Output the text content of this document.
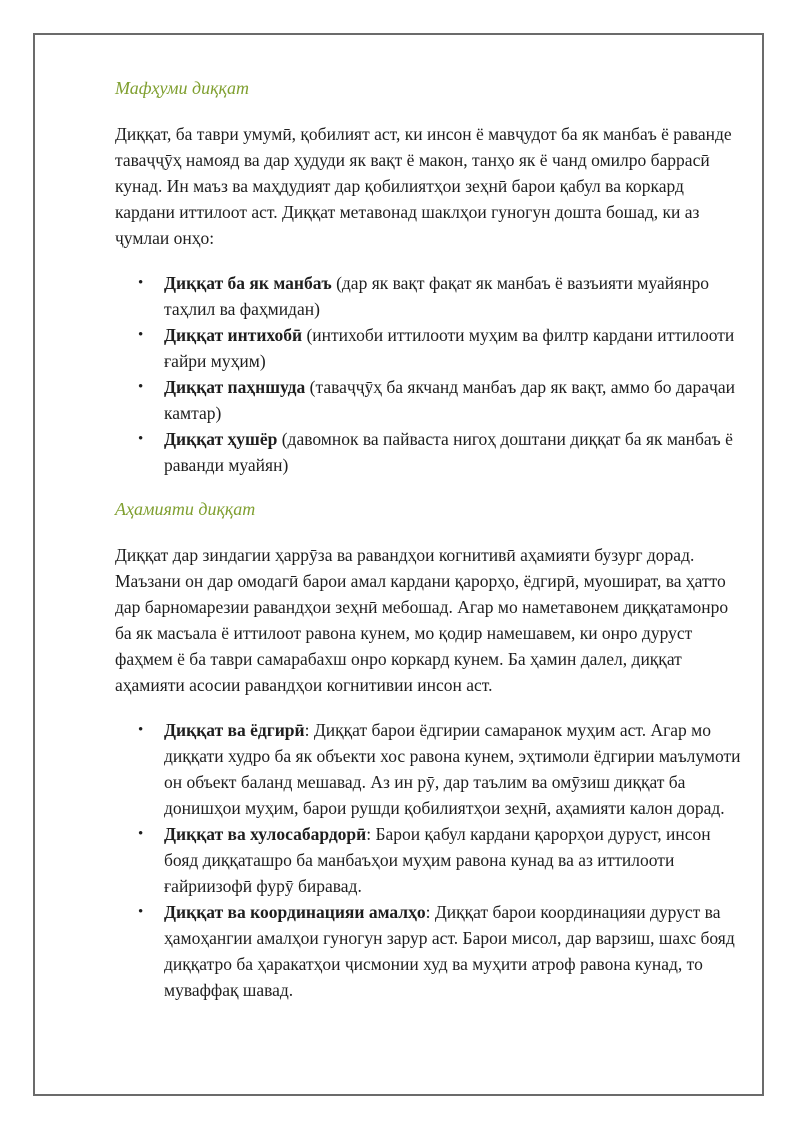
Мафҳуми диққат

Диққат, ба таври умумӣ, қобилият аст, ки инсон ё мавҷудот ба як манбаъ ё раванде таваҷҷӯҳ намояд ва дар ҳудуди як вақт ё макон, танҳо як ё чанд омилро баррасӣ кунад. Ин маъз ва маҳдудият дар қобилиятҳои зеҳнӣ барои қабул ва коркард кардани иттилоот аст. Диққат метавонад шаклҳои гуногун дошта бошад, ки аз ҷумлаи онҳо:

• Диққат ба як манбаъ (дар як вақт фақат як манбаъ ё вазъияти муайянро таҳлил ва фаҳмидан)
• Диққат интихобӣ (интихоби иттилооти муҳим ва филтр кардани иттилооти ғайри муҳим)
• Диққат паҳншуда (таваҷҷӯҳ ба якчанд манбаъ дар як вақт, аммо бо дараҷаи камтар)
• Диққат ҳушёр (давомнок ва пайваста нигоҳ доштани диққат ба як манбаъ ё раванди муайян)
Аҳамияти диққат

Диққат дар зиндагии ҳаррӯза ва равандҳои когнитивӣ аҳамияти бузург дорад. Маъзани он дар омодагӣ барои амал кардани қарорҳо, ёдгирӣ, муошират, ва ҳатто дар барномарезии равандҳои зеҳнӣ мебошад. Агар мо наметавонем диққатамонро ба як масъала ё иттилоот равона кунем, мо қодир намешавем, ки онро дуруст фаҳмем ё ба таври самарабахш онро коркард кунем. Ба ҳамин далел, диққат аҳамияти асосии равандҳои когнитивии инсон аст.

• Диққат ва ёдгирӣ: Диққат барои ёдгирии самаранок муҳим аст. Агар мо диққати худро ба як объекти хос равона кунем, эҳтимоли ёдгирии маълумоти он объект баланд мешавад. Аз ин рӯ, дар таълим ва омӯзиш диққат ба донишҳои муҳим, барои рушди қобилиятҳои зеҳнӣ, аҳамияти калон дорад.
• Диққат ва хулосабардорӣ: Барои қабул кардани қарорҳои дуруст, инсон бояд диққаташро ба манбаъҳои муҳим равона кунад ва аз иттилооти ғайриизофӣ фурӯ биравад.
• Диққат ва координацияи амалҳо: Диққат барои координацияи дуруст ва ҳамоҳангии амалҳои гуногун зарур аст. Барои мисол, дар варзиш, шахс бояд диққатро ба ҳаракатҳои ҷисмонии худ ва муҳити атроф равона кунад, то муваффақ шавад.
